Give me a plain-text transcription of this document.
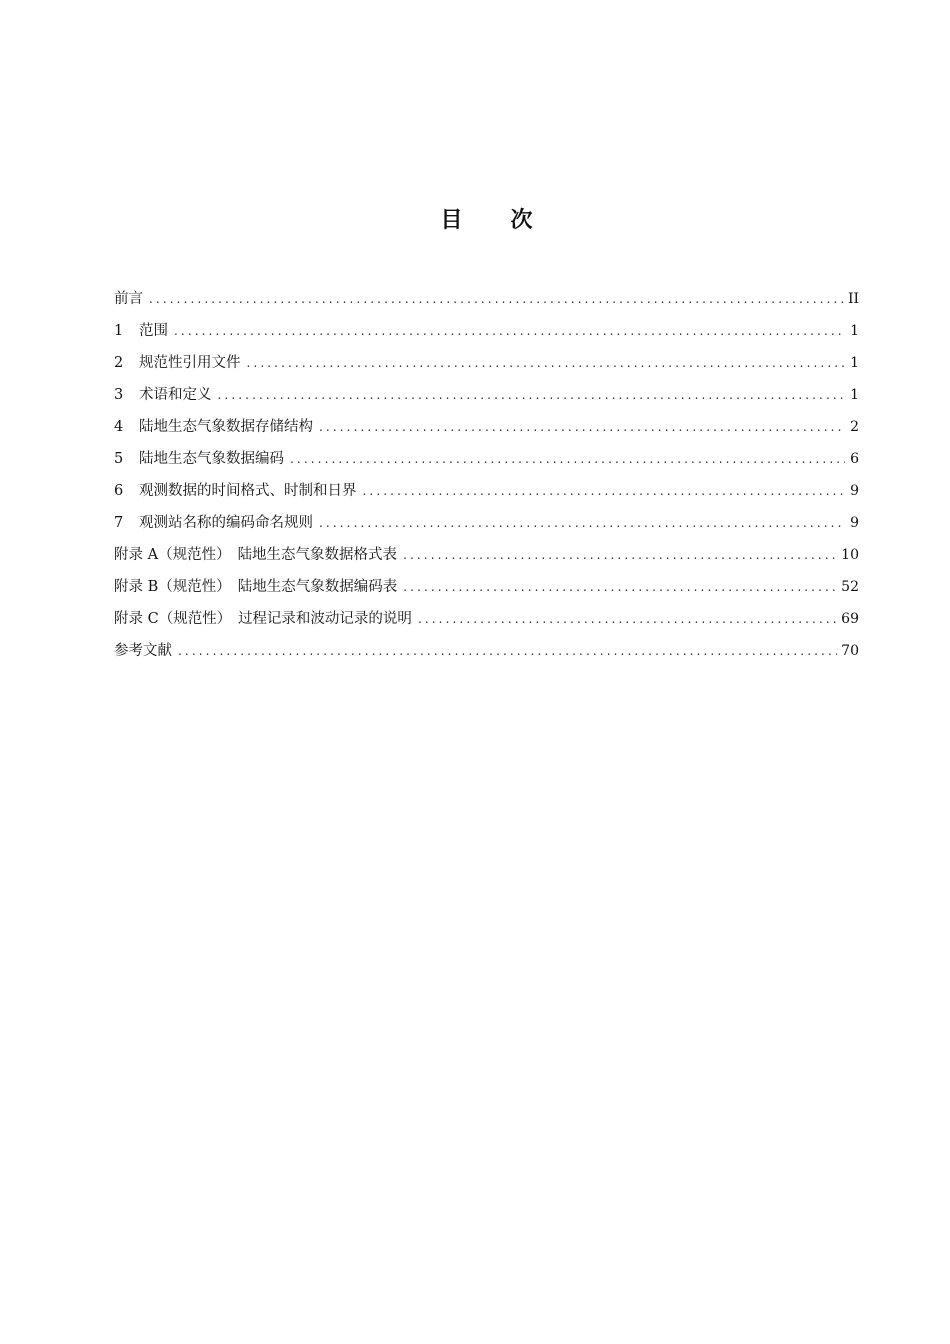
目 次
前言 .....	II
1	范围 .....	1
2	规范性引用文件 .....	1
3	术语和定义 .....	1
4	陆地生态气象数据存储结构 .....	2
5	陆地生态气象数据编码 .....	6
6	观测数据的时间格式、时制和日界 .....	9
7	观测站名称的编码命名规则 .....	9
附录 A（规范性） 陆地生态气象数据格式表 .....	10
附录 B（规范性） 陆地生态气象数据编码表 .....	52
附录 C（规范性） 过程记录和波动记录的说明 .....	69
参考文献 .....	70
